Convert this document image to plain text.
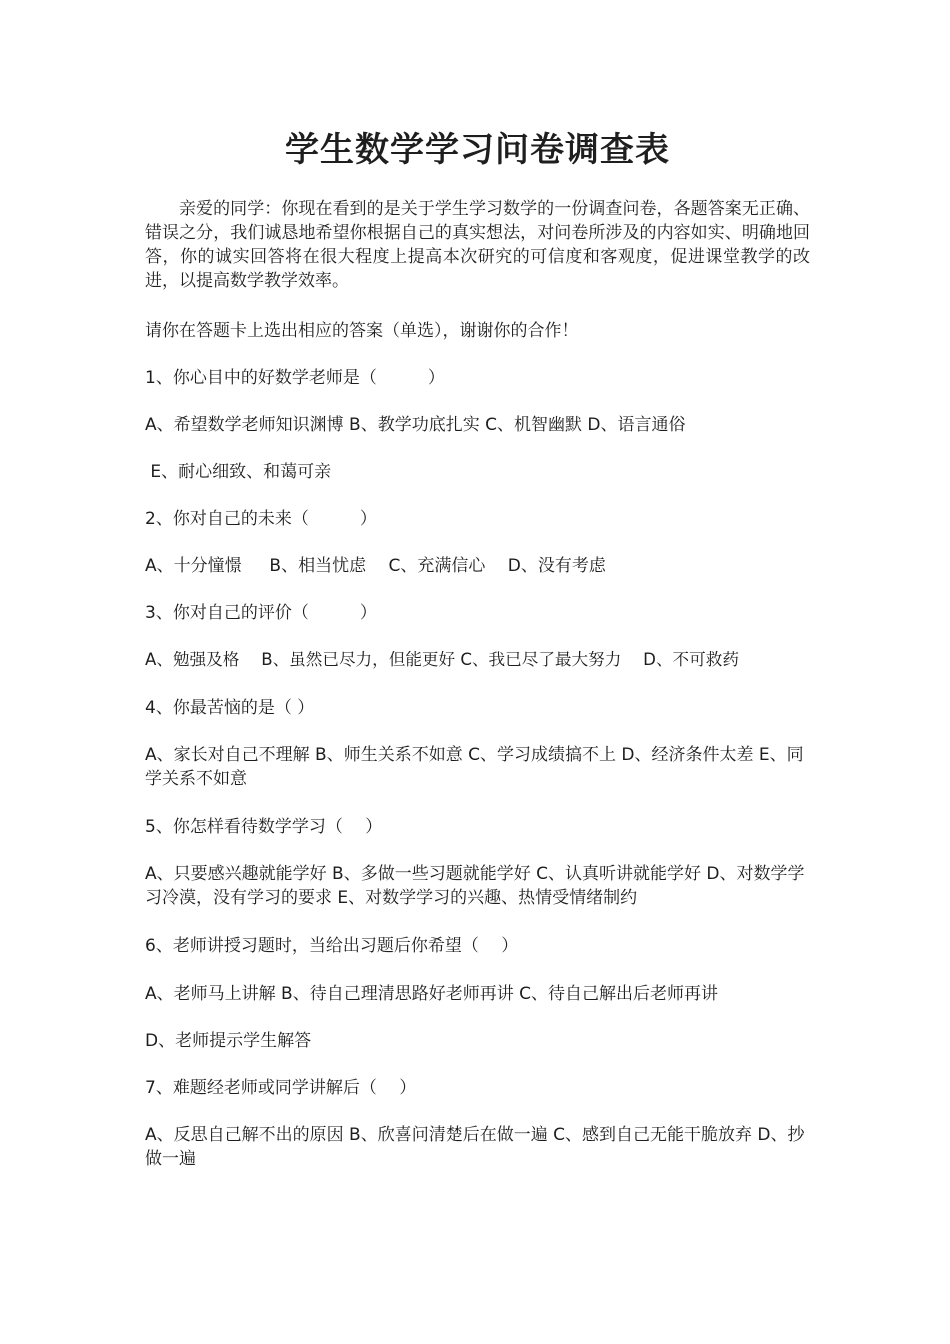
学生数学学习问卷调查表

亲爱的同学：你现在看到的是关于学生学习数学的一份调查问卷，各题答案无正确、错误之分，我们诚恳地希望你根据自己的真实想法，对问卷所涉及的内容如实、明确地回答，你的诚实回答将在很大程度上提高本次研究的可信度和客观度，促进课堂教学的改进，以提高数学教学效率。

请你在答题卡上选出相应的答案（单选），谢谢你的合作！

1、你心目中的好数学老师是（　　　）

A、希望数学老师知识渊博 B、教学功底扎实 C、机智幽默 D、语言通俗

E、耐心细致、和蔼可亲

2、你对自己的未来（　　　）

A、十分憧憬　  B、相当忧虑　 C、充满信心　 D、没有考虑

3、你对自己的评价（　　　）

A、勉强及格　 B、虽然已尽力，但能更好 C、我已尽了最大努力　 D、不可救药

4、你最苦恼的是（ ）

A、家长对自己不理解 B、师生关系不如意 C、学习成绩搞不上 D、经济条件太差 E、同学关系不如意

5、你怎样看待数学学习（　 ）

A、只要感兴趣就能学好 B、多做一些习题就能学好 C、认真听讲就能学好 D、对数学学习冷漠，没有学习的要求 E、对数学学习的兴趣、热情受情绪制约

6、老师讲授习题时，当给出习题后你希望（　 ）

A、老师马上讲解 B、待自己理清思路好老师再讲 C、待自己解出后老师再讲

D、老师提示学生解答

7、难题经老师或同学讲解后（　 ）

A、反思自己解不出的原因 B、欣喜问清楚后在做一遍 C、感到自己无能干脆放弃 D、抄做一遍
